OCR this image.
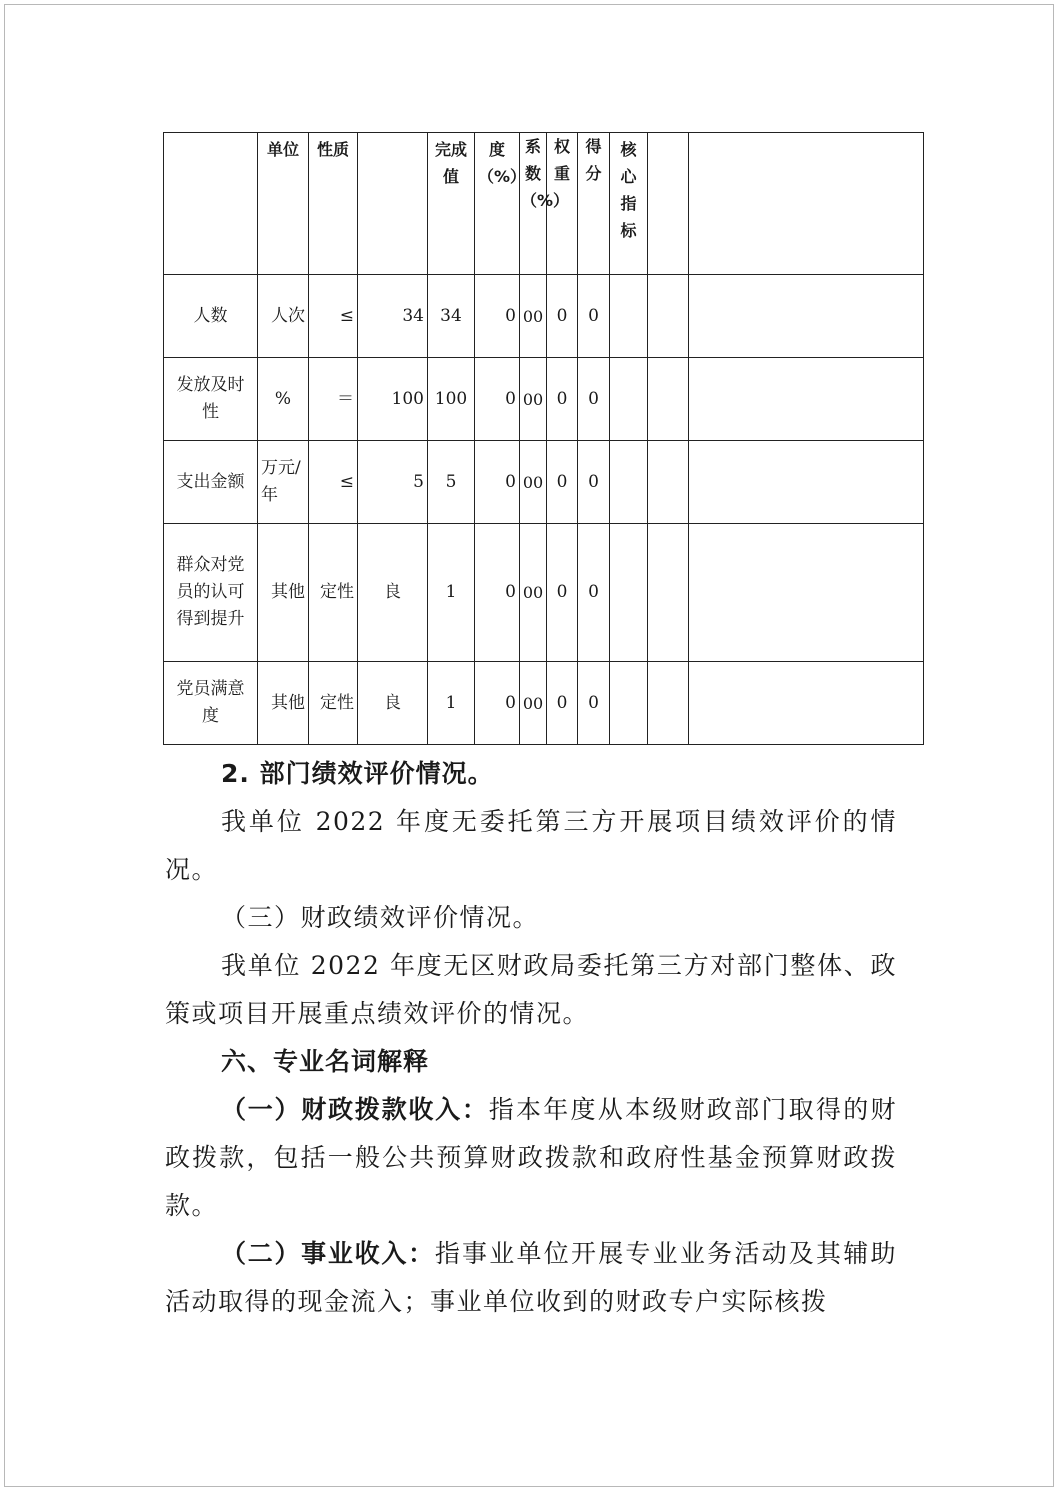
	单位	性质		完成值	度（%）	系数（%）	权重	得分	核心指标		
人数	人次	≤	34	34	0	00	0	0			
发放及时性	%	＝	100	100	0	00	0	0			
支出金额	万元/年	≤	5	5	0	00	0	0			
群众对党员的认可得到提升	其他	定性	良	1	0	00	0	0			
党员满意度	其他	定性	良	1	0	00	0	0			

2. 部门绩效评价情况。

我单位 2022 年度无委托第三方开展项目绩效评价的情况。

（三）财政绩效评价情况。

我单位 2022 年度无区财政局委托第三方对部门整体、政策或项目开展重点绩效评价的情况。

六、专业名词解释

（一）财政拨款收入：指本年度从本级财政部门取得的财政拨款，包括一般公共预算财政拨款和政府性基金预算财政拨款。

（二）事业收入：指事业单位开展专业业务活动及其辅助活动取得的现金流入；事业单位收到的财政专户实际核拨
